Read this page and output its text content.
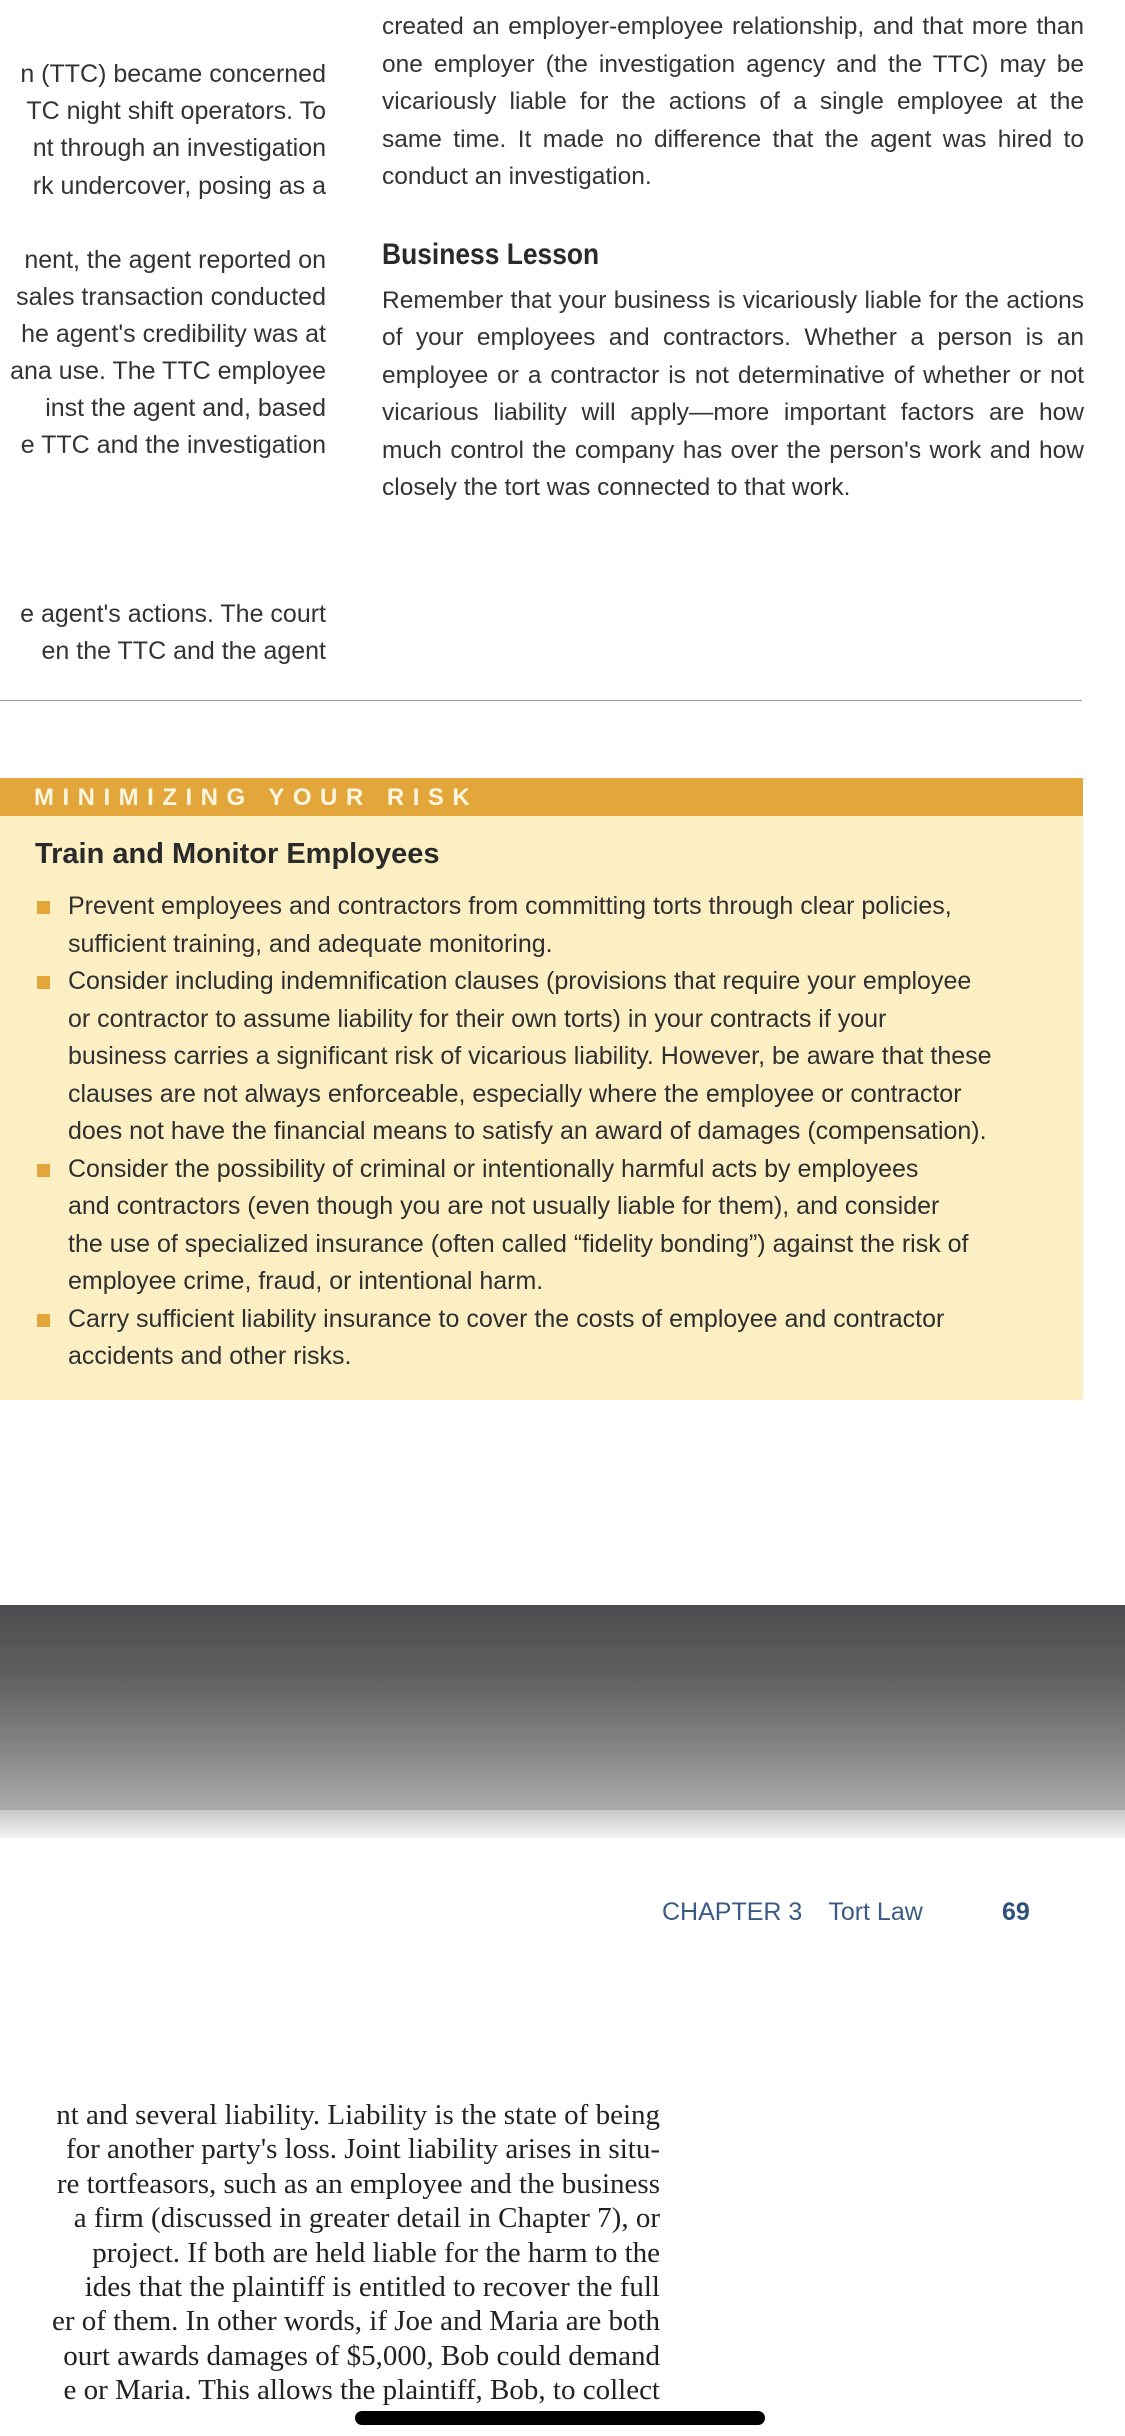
n (TTC) became concerned
TC night shift operators. To
nt through an investigation
rk undercover, posing as a
nent, the agent reported on
sales transaction conducted
he agent's credibility was at
ana use. The TTC employee
inst the agent and, based
e TTC and the investigation
e agent's actions. The court
en the TTC and the agent

created an employer-employee relationship, and that more than one employer (the investigation agency and the TTC) may be vicariously liable for the actions of a single employee at the same time. It made no difference that the agent was hired to conduct an investigation.

Business Lesson

Remember that your business is vicariously liable for the actions of your employees and contractors. Whether a person is an employee or a contractor is not determinative of whether or not vicarious liability will apply—more important factors are how much control the company has over the person's work and how closely the tort was connected to that work.

MINIMIZING YOUR RISK
Train and Monitor Employees
Prevent employees and contractors from committing torts through clear policies,
sufficient training, and adequate monitoring.
Consider including indemnification clauses (provisions that require your employee
or contractor to assume liability for their own torts) in your contracts if your
business carries a significant risk of vicarious liability. However, be aware that these
clauses are not always enforceable, especially where the employee or contractor
does not have the financial means to satisfy an award of damages (compensation).
Consider the possibility of criminal or intentionally harmful acts by employees
and contractors (even though you are not usually liable for them), and consider
the use of specialized insurance (often called “fidelity bonding”) against the risk of
employee crime, fraud, or intentional harm.
Carry sufficient liability insurance to cover the costs of employee and contractor
accidents and other risks.
CHAPTER 3 Tort Law	69
nt and several liability. Liability is the state of being
for another party's loss. Joint liability arises in situ-
re tortfeasors, such as an employee and the business
a firm (discussed in greater detail in Chapter 7), or
project. If both are held liable for the harm to the
ides that the plaintiff is entitled to recover the full
er of them. In other words, if Joe and Maria are both
ourt awards damages of $5,000, Bob could demand
e or Maria. This allows the plaintiff, Bob, to collect
